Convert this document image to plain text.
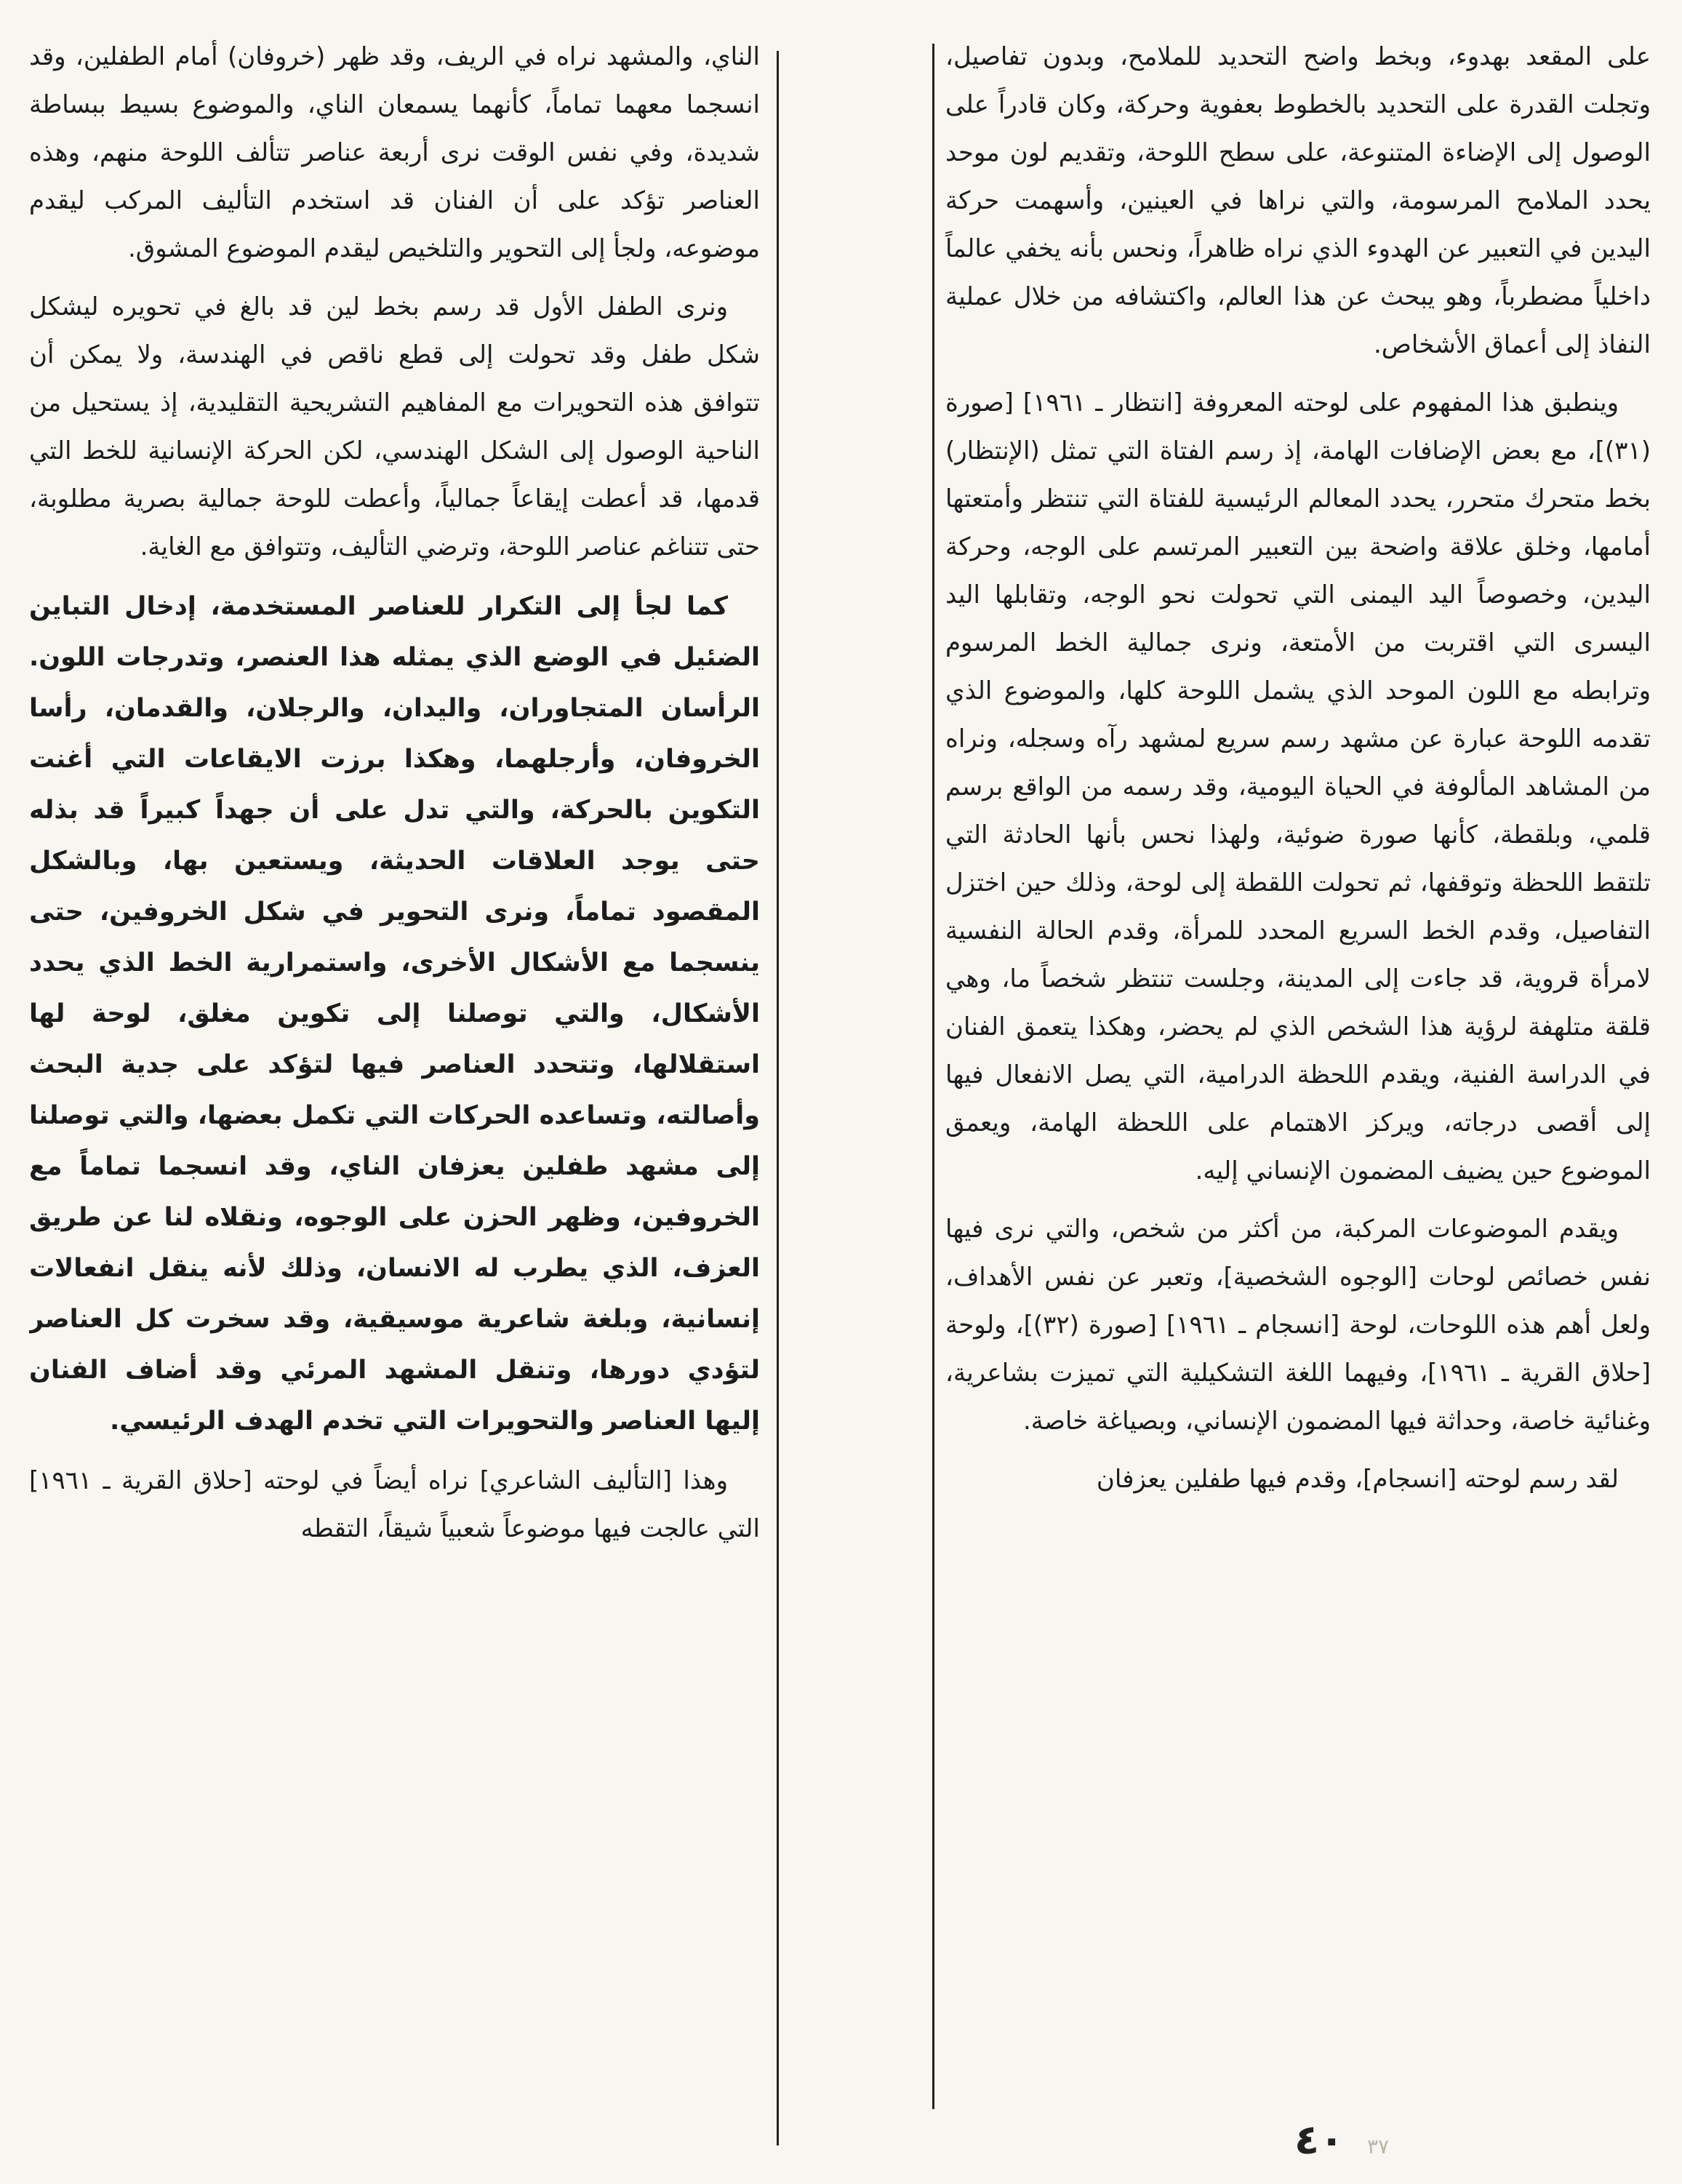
على المقعد بهدوء، وبخط واضح التحديد للملامح، وبدون تفاصيل، وتجلت القدرة على التحديد بالخطوط بعفوية وحركة، وكان قادراً على الوصول إلى الإضاءة المتنوعة، على سطح اللوحة، وتقديم لون موحد يحدد الملامح المرسومة، والتي نراها في العينين، وأسهمت حركة اليدين في التعبير عن الهدوء الذي نراه ظاهراً، ونحس بأنه يخفي عالماً داخلياً مضطرباً، وهو يبحث عن هذا العالم، واكتشافه من خلال عملية النفاذ إلى أعماق الأشخاص.

وينطبق هذا المفهوم على لوحته المعروفة [انتظار ـ ١٩٦١] [صورة (٣١)]، مع بعض الإضافات الهامة، إذ رسم الفتاة التي تمثل (الإنتظار) بخط متحرك متحرر، يحدد المعالم الرئيسية للفتاة التي تنتظر وأمتعتها أمامها، وخلق علاقة واضحة بين التعبير المرتسم على الوجه، وحركة اليدين، وخصوصاً اليد اليمنى التي تحولت نحو الوجه، وتقابلها اليد اليسرى التي اقتربت من الأمتعة، ونرى جمالية الخط المرسوم وترابطه مع اللون الموحد الذي يشمل اللوحة كلها، والموضوع الذي تقدمه اللوحة عبارة عن مشهد رسم سريع لمشهد رآه وسجله، ونراه من المشاهد المألوفة في الحياة اليومية، وقد رسمه من الواقع برسم قلمي، وبلقطة، كأنها صورة ضوئية، ولهذا نحس بأنها الحادثة التي تلتقط اللحظة وتوقفها، ثم تحولت اللقطة إلى لوحة، وذلك حين اختزل التفاصيل، وقدم الخط السريع المحدد للمرأة، وقدم الحالة النفسية لامرأة قروية، قد جاءت إلى المدينة، وجلست تنتظر شخصاً ما، وهي قلقة متلهفة لرؤية هذا الشخص الذي لم يحضر، وهكذا يتعمق الفنان في الدراسة الفنية، ويقدم اللحظة الدرامية، التي يصل الانفعال فيها إلى أقصى درجاته، ويركز الاهتمام على اللحظة الهامة، ويعمق الموضوع حين يضيف المضمون الإنساني إليه.

ويقدم الموضوعات المركبة، من أكثر من شخص، والتي نرى فيها نفس خصائص لوحات [الوجوه الشخصية]، وتعبر عن نفس الأهداف، ولعل أهم هذه اللوحات، لوحة [انسجام ـ ١٩٦١] [صورة (٣٢)]، ولوحة [حلاق القرية ـ ١٩٦١]، وفيهما اللغة التشكيلية التي تميزت بشاعرية، وغنائية خاصة، وحداثة فيها المضمون الإنساني، وبصياغة خاصة.

لقد رسم لوحته [انسجام]، وقدم فيها طفلين يعزفان

الناي، والمشهد نراه في الريف، وقد ظهر (خروفان) أمام الطفلين، وقد انسجما معهما تماماً، كأنهما يسمعان الناي، والموضوع بسيط ببساطة شديدة، وفي نفس الوقت نرى أربعة عناصر تتألف اللوحة منهم، وهذه العناصر تؤكد على أن الفنان قد استخدم التأليف المركب ليقدم موضوعه، ولجأ إلى التحوير والتلخيص ليقدم الموضوع المشوق.

ونرى الطفل الأول قد رسم بخط لين قد بالغ في تحويره ليشكل شكل طفل وقد تحولت إلى قطع ناقص في الهندسة، ولا يمكن أن تتوافق هذه التحويرات مع المفاهيم التشريحية التقليدية، إذ يستحيل من الناحية الوصول إلى الشكل الهندسي، لكن الحركة الإنسانية للخط التي قدمها، قد أعطت إيقاعاً جمالياً، وأعطت للوحة جمالية بصرية مطلوبة، حتى تتناغم عناصر اللوحة، وترضي التأليف، وتتوافق مع الغاية.

كما لجأ إلى التكرار للعناصر المستخدمة، إدخال التباين الضئيل في الوضع الذي يمثله هذا العنصر، وتدرجات اللون. الرأسان المتجاوران، واليدان، والرجلان، والقدمان، رأسا الخروفان، وأرجلهما، وهكذا برزت الايقاعات التي أغنت التكوين بالحركة، والتي تدل على أن جهداً كبيراً قد بذله حتى يوجد العلاقات الحديثة، ويستعين بها، وبالشكل المقصود تماماً، ونرى التحوير في شكل الخروفين، حتى ينسجما مع الأشكال الأخرى، واستمرارية الخط الذي يحدد الأشكال، والتي توصلنا إلى تكوين مغلق، لوحة لها استقلالها، وتتحدد العناصر فيها لتؤكد على جدية البحث وأصالته، وتساعده الحركات التي تكمل بعضها، والتي توصلنا إلى مشهد طفلين يعزفان الناي، وقد انسجما تماماً مع الخروفين، وظهر الحزن على الوجوه، ونقلاه لنا عن طريق العزف، الذي يطرب له الانسان، وذلك لأنه ينقل انفعالات إنسانية، وبلغة شاعرية موسيقية، وقد سخرت كل العناصر لتؤدي دورها، وتنقل المشهد المرئي وقد أضاف الفنان إليها العناصر والتحويرات التي تخدم الهدف الرئيسي.

وهذا [التأليف الشاعري] نراه أيضاً في لوحته [حلاق القرية ـ ١٩٦١] التي عالجت فيها موضوعاً شعبياً شيقاً، التقطه

٤٠ ٣٧
